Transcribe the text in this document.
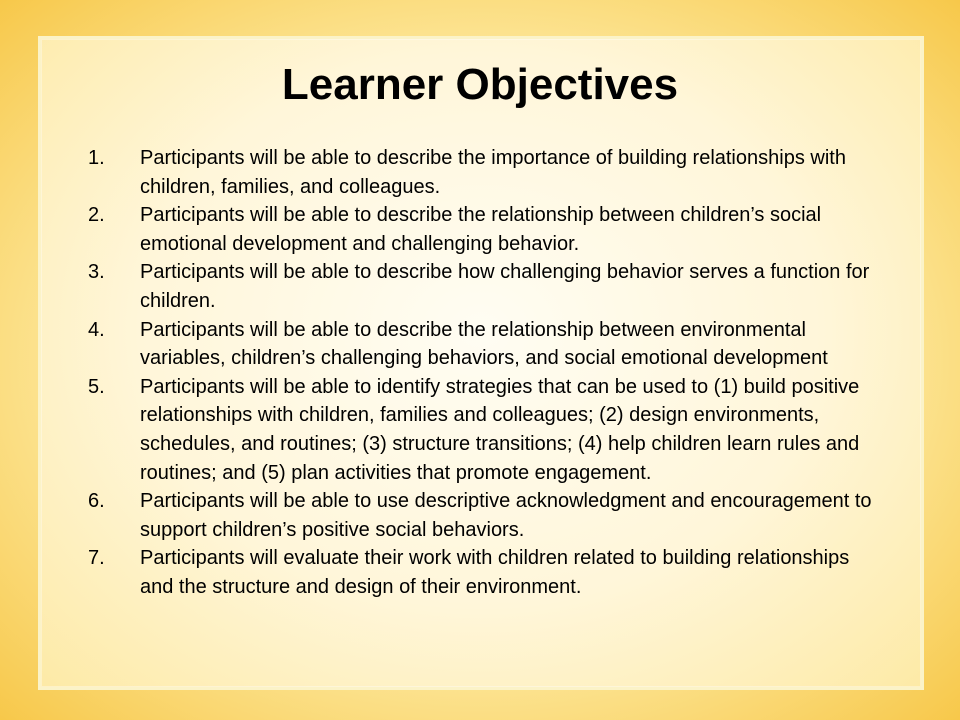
Learner Objectives
1.	Participants will be able to describe the importance of building relationships with children, families, and colleagues.
2.	Participants will be able to describe the relationship between children’s social emotional development and challenging behavior.
3.	Participants will be able to describe how challenging behavior serves a function for children.
4.	Participants will be able to describe the relationship between environmental variables, children’s challenging behaviors, and social emotional development
5.	Participants will be able to identify strategies that can be used to (1) build positive relationships with children, families and colleagues; (2) design environments, schedules, and routines; (3) structure transitions; (4) help children learn rules and routines; and (5) plan activities that promote engagement.
6.	Participants will be able to use descriptive acknowledgment and encouragement to support children’s positive social behaviors.
7.	Participants will evaluate their work with children related to building relationships and the structure and design of their environment.
